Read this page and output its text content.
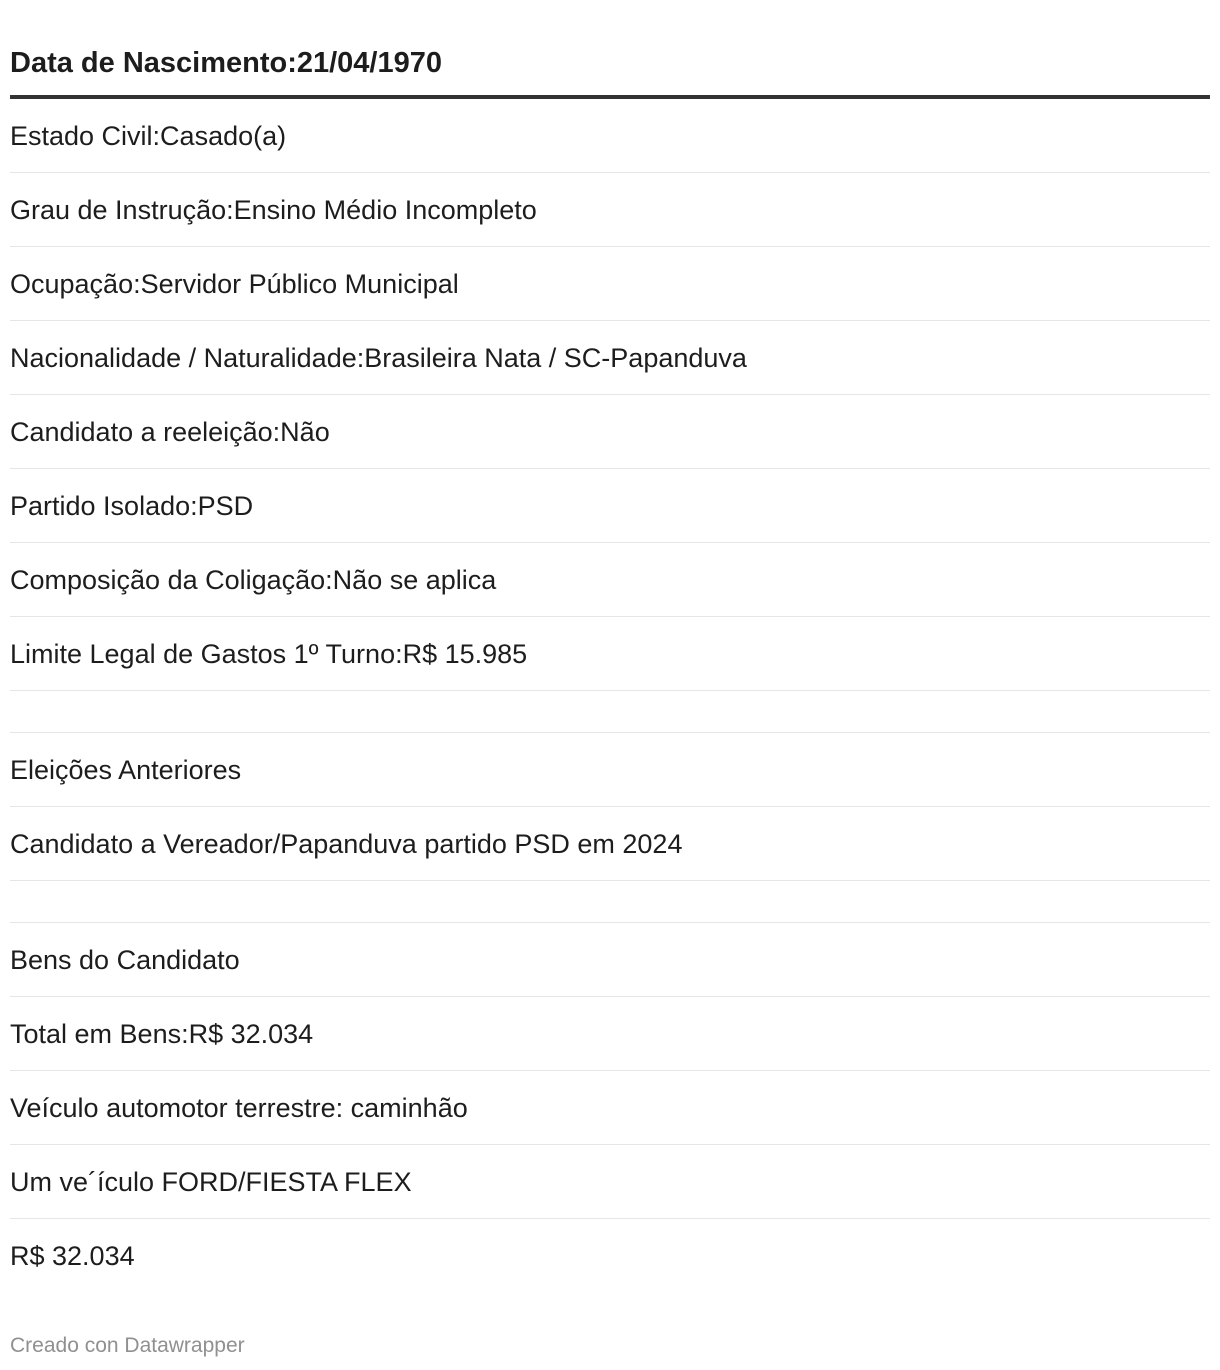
Data de Nascimento:21/04/1970
Estado Civil:Casado(a)
Grau de Instrução:Ensino Médio Incompleto
Ocupação:Servidor Público Municipal
Nacionalidade / Naturalidade:Brasileira Nata / SC-Papanduva
Candidato a reeleição:Não
Partido Isolado:PSD
Composição da Coligação:Não se aplica
Limite Legal de Gastos 1º Turno:R$ 15.985
Eleições Anteriores
Candidato a Vereador/Papanduva partido PSD em 2024
Bens do Candidato
Total em Bens:R$ 32.034
Veículo automotor terrestre: caminhão
Um ve´ículo FORD/FIESTA FLEX
R$ 32.034
Creado con Datawrapper
